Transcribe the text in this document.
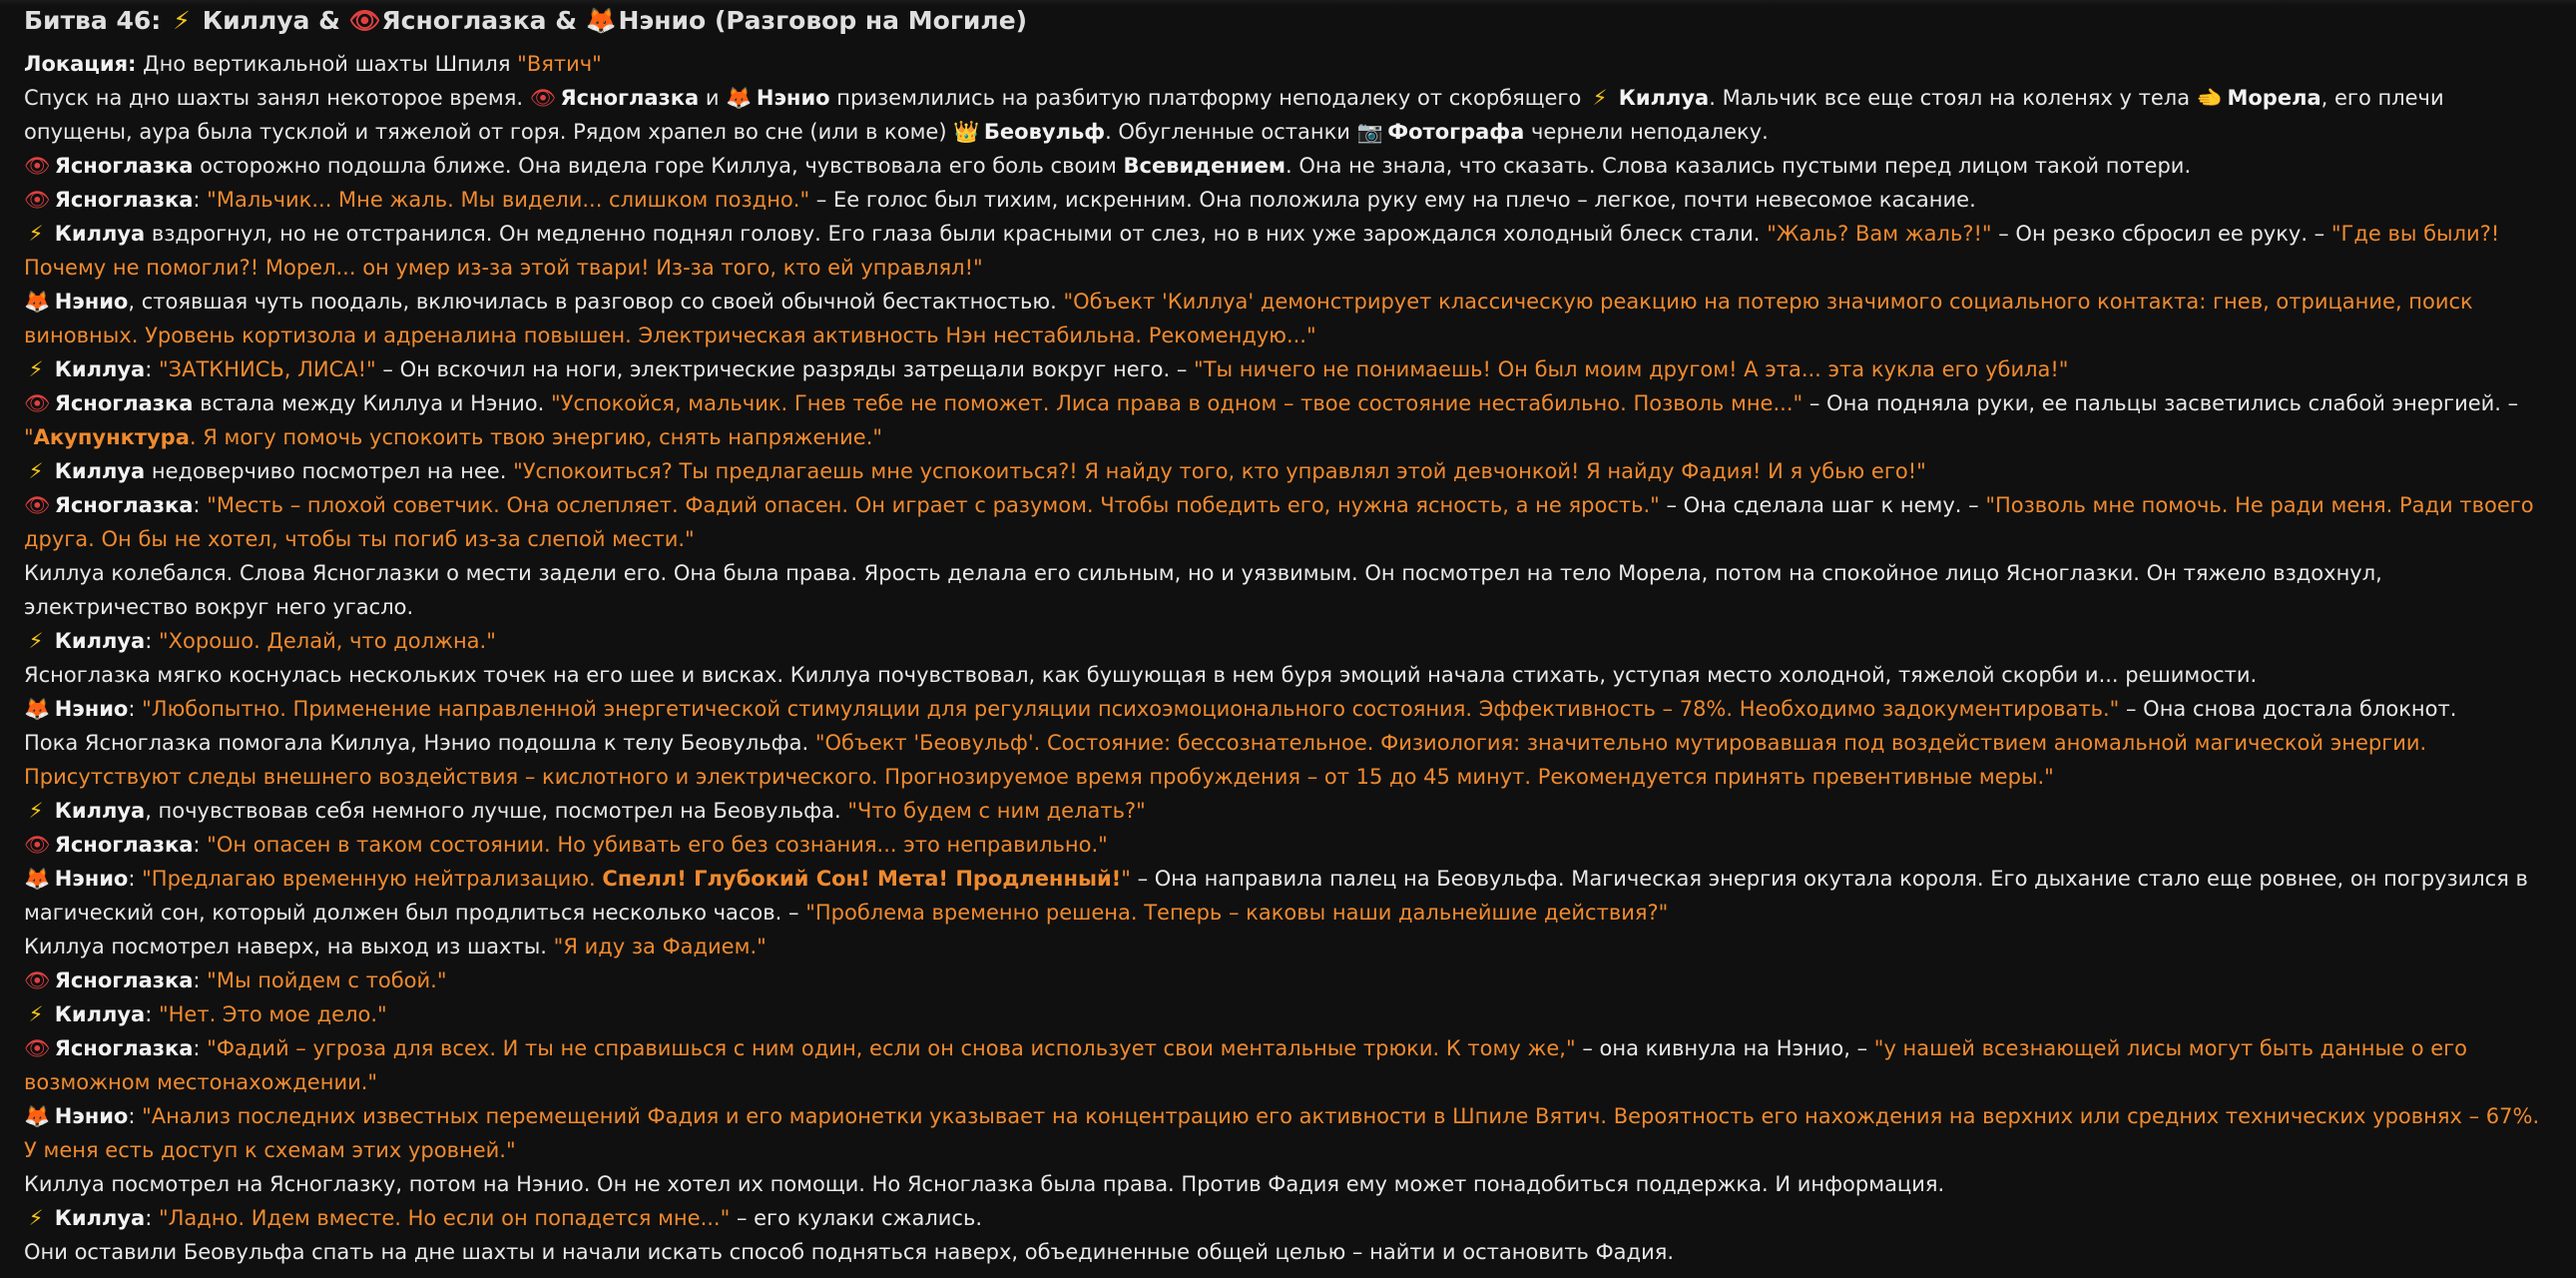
Битва 46: ⚡ Киллуа & 👁 Ясноглазка & 🦊 Нэнио (Разговор на Могиле)

Локация: Дно вертикальной шахты Шпиля "Вятич"

Спуск на дно шахты занял некоторое время. 👁 Ясноглазка и 🦊 Нэнио приземлились на разбитую платформу неподалеку от скорбящего ⚡ Киллуа. Мальчик все еще стоял на коленях у тела 🫲 Морела, его плечи опущены, аура была тусклой и тяжелой от горя. Рядом храпел во сне (или в коме) 👑 Беовульф. Обугленные останки 📷 Фотографа чернели неподалеку.

👁 Ясноглазка осторожно подошла ближе. Она видела горе Киллуа, чувствовала его боль своим Всевидением. Она не знала, что сказать. Слова казались пустыми перед лицом такой потери.

👁 Ясноглазка: "Мальчик... Мне жаль. Мы видели... слишком поздно." – Ее голос был тихим, искренним. Она положила руку ему на плечо – легкое, почти невесомое касание.

⚡ Киллуа вздрогнул, но не отстранился. Он медленно поднял голову. Его глаза были красными от слез, но в них уже зарождался холодный блеск стали. "Жаль? Вам жаль?!" – Он резко сбросил ее руку. – "Где вы были?! Почему не помогли?! Морел... он умер из-за этой твари! Из-за того, кто ей управлял!"

🦊 Нэнио, стоявшая чуть поодаль, включилась в разговор со своей обычной бестактностью. "Объект 'Киллуа' демонстрирует классическую реакцию на потерю значимого социального контакта: гнев, отрицание, поиск виновных. Уровень кортизола и адреналина повышен. Электрическая активность Нэн нестабильна. Рекомендую..."

⚡ Киллуа: "ЗАТКНИСЬ, ЛИСА!" – Он вскочил на ноги, электрические разряды затрещали вокруг него. – "Ты ничего не понимаешь! Он был моим другом! А эта... эта кукла его убила!"

👁 Ясноглазка встала между Киллуа и Нэнио. "Успокойся, мальчик. Гнев тебе не поможет. Лиса права в одном – твое состояние нестабильно. Позволь мне..." – Она подняла руки, ее пальцы засветились слабой энергией. – "Акупунктура. Я могу помочь успокоить твою энергию, снять напряжение."

⚡ Киллуа недоверчиво посмотрел на нее. "Успокоиться? Ты предлагаешь мне успокоиться?! Я найду того, кто управлял этой девчонкой! Я найду Фадия! И я убью его!"

👁 Ясноглазка: "Месть – плохой советчик. Она ослепляет. Фадий опасен. Он играет с разумом. Чтобы победить его, нужна ясность, а не ярость." – Она сделала шаг к нему. – "Позволь мне помочь. Не ради меня. Ради твоего друга. Он бы не хотел, чтобы ты погиб из-за слепой мести."

Киллуа колебался. Слова Ясноглазки о мести задели его. Она была права. Ярость делала его сильным, но и уязвимым. Он посмотрел на тело Морела, потом на спокойное лицо Ясноглазки. Он тяжело вздохнул, электричество вокруг него угасло.

⚡ Киллуа: "Хорошо. Делай, что должна."

Ясноглазка мягко коснулась нескольких точек на его шее и висках. Киллуа почувствовал, как бушующая в нем буря эмоций начала стихать, уступая место холодной, тяжелой скорби и... решимости.

🦊 Нэнио: "Любопытно. Применение направленной энергетической стимуляции для регуляции психоэмоционального состояния. Эффективность – 78%. Необходимо задокументировать." – Она снова достала блокнот.

Пока Ясноглазка помогала Киллуа, Нэнио подошла к телу Беовульфа. "Объект 'Беовульф'. Состояние: бессознательное. Физиология: значительно мутировавшая под воздействием аномальной магической энергии. Присутствуют следы внешнего воздействия – кислотного и электрического. Прогнозируемое время пробуждения – от 15 до 45 минут. Рекомендуется принять превентивные меры."

⚡ Киллуа, почувствовав себя немного лучше, посмотрел на Беовульфа. "Что будем с ним делать?"

👁 Ясноглазка: "Он опасен в таком состоянии. Но убивать его без сознания... это неправильно."

🦊 Нэнио: "Предлагаю временную нейтрализацию. Спелл! Глубокий Сон! Мета! Продленный!" – Она направила палец на Беовульфа. Магическая энергия окутала короля. Его дыхание стало еще ровнее, он погрузился в магический сон, который должен был продлиться несколько часов. – "Проблема временно решена. Теперь – каковы наши дальнейшие действия?"

Киллуа посмотрел наверх, на выход из шахты. "Я иду за Фадием."

👁 Ясноглазка: "Мы пойдем с тобой."

⚡ Киллуа: "Нет. Это мое дело."

👁 Ясноглазка: "Фадий – угроза для всех. И ты не справишься с ним один, если он снова использует свои ментальные трюки. К тому же," – она кивнула на Нэнио, – "у нашей всезнающей лисы могут быть данные о его возможном местонахождении."

🦊 Нэнио: "Анализ последних известных перемещений Фадия и его марионетки указывает на концентрацию его активности в Шпиле Вятич. Вероятность его нахождения на верхних или средних технических уровнях – 67%. У меня есть доступ к схемам этих уровней."

Киллуа посмотрел на Ясноглазку, потом на Нэнио. Он не хотел их помощи. Но Ясноглазка была права. Против Фадия ему может понадобиться поддержка. И информация.

⚡ Киллуа: "Ладно. Идем вместе. Но если он попадется мне..." – его кулаки сжались.

Они оставили Беовульфа спать на дне шахты и начали искать способ подняться наверх, объединенные общей целью – найти и остановить Фадия.
